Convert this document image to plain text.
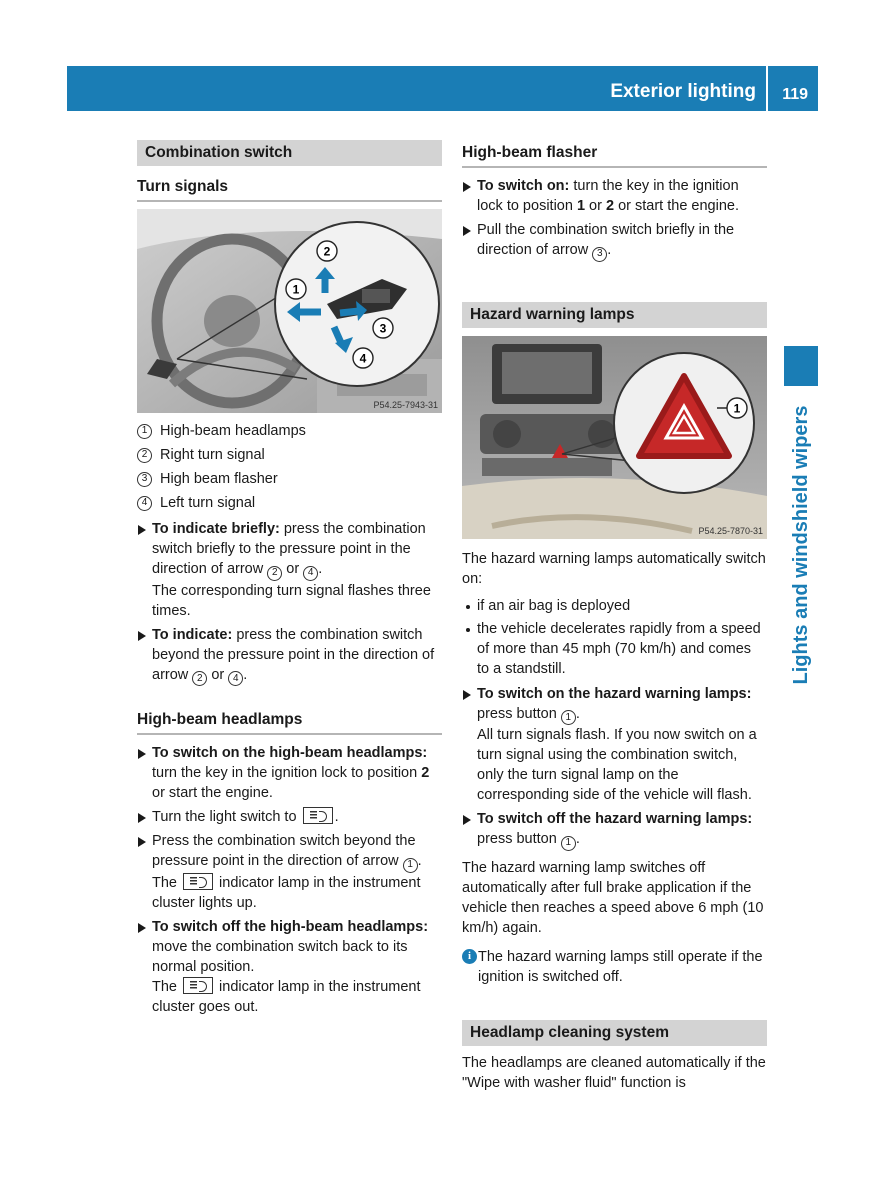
Exterior lighting 119
Lights and windshield wipers
Combination switch
Turn signals
1
2
3
4
P54.25-7943-31
1 High-beam headlamps
2 Right turn signal
3 High beam flasher
4 Left turn signal
To indicate briefly: press the combination switch briefly to the pressure point in the direction of arrow 2 or 4 .
The corresponding turn signal flashes three times.
To indicate: press the combination switch beyond the pressure point in the direction of arrow 2 or 4 .
High-beam headlamps
To switch on the high-beam headlamps: turn the key in the ignition lock to position 2 or start the engine.
Turn the light switch to .
Press the combination switch beyond the pressure point in the direction of arrow 1 .
The  indicator lamp in the instrument cluster lights up.
To switch off the high-beam headlamps: move the combination switch back to its normal position.
The  indicator lamp in the instrument cluster goes out.
High-beam flasher
To switch on: turn the key in the ignition lock to position 1 or 2 or start the engine.
Pull the combination switch briefly in the direction of arrow 3 .
Hazard warning lamps
1
P54.25-7870-31
The hazard warning lamps automatically switch on:
if an air bag is deployed
the vehicle decelerates rapidly from a speed of more than 45 mph (70 km/h) and comes to a standstill.
To switch on the hazard warning lamps: press button 1 .
All turn signals flash. If you now switch on a turn signal using the combination switch, only the turn signal lamp on the corresponding side of the vehicle will flash.
To switch off the hazard warning lamps: press button 1 .
The hazard warning lamp switches off automatically after full brake application if the vehicle then reaches a speed above 6 mph (10 km/h) again.
i The hazard warning lamps still operate if the ignition is switched off.
Headlamp cleaning system
The headlamps are cleaned automatically if the "Wipe with washer fluid" function is
